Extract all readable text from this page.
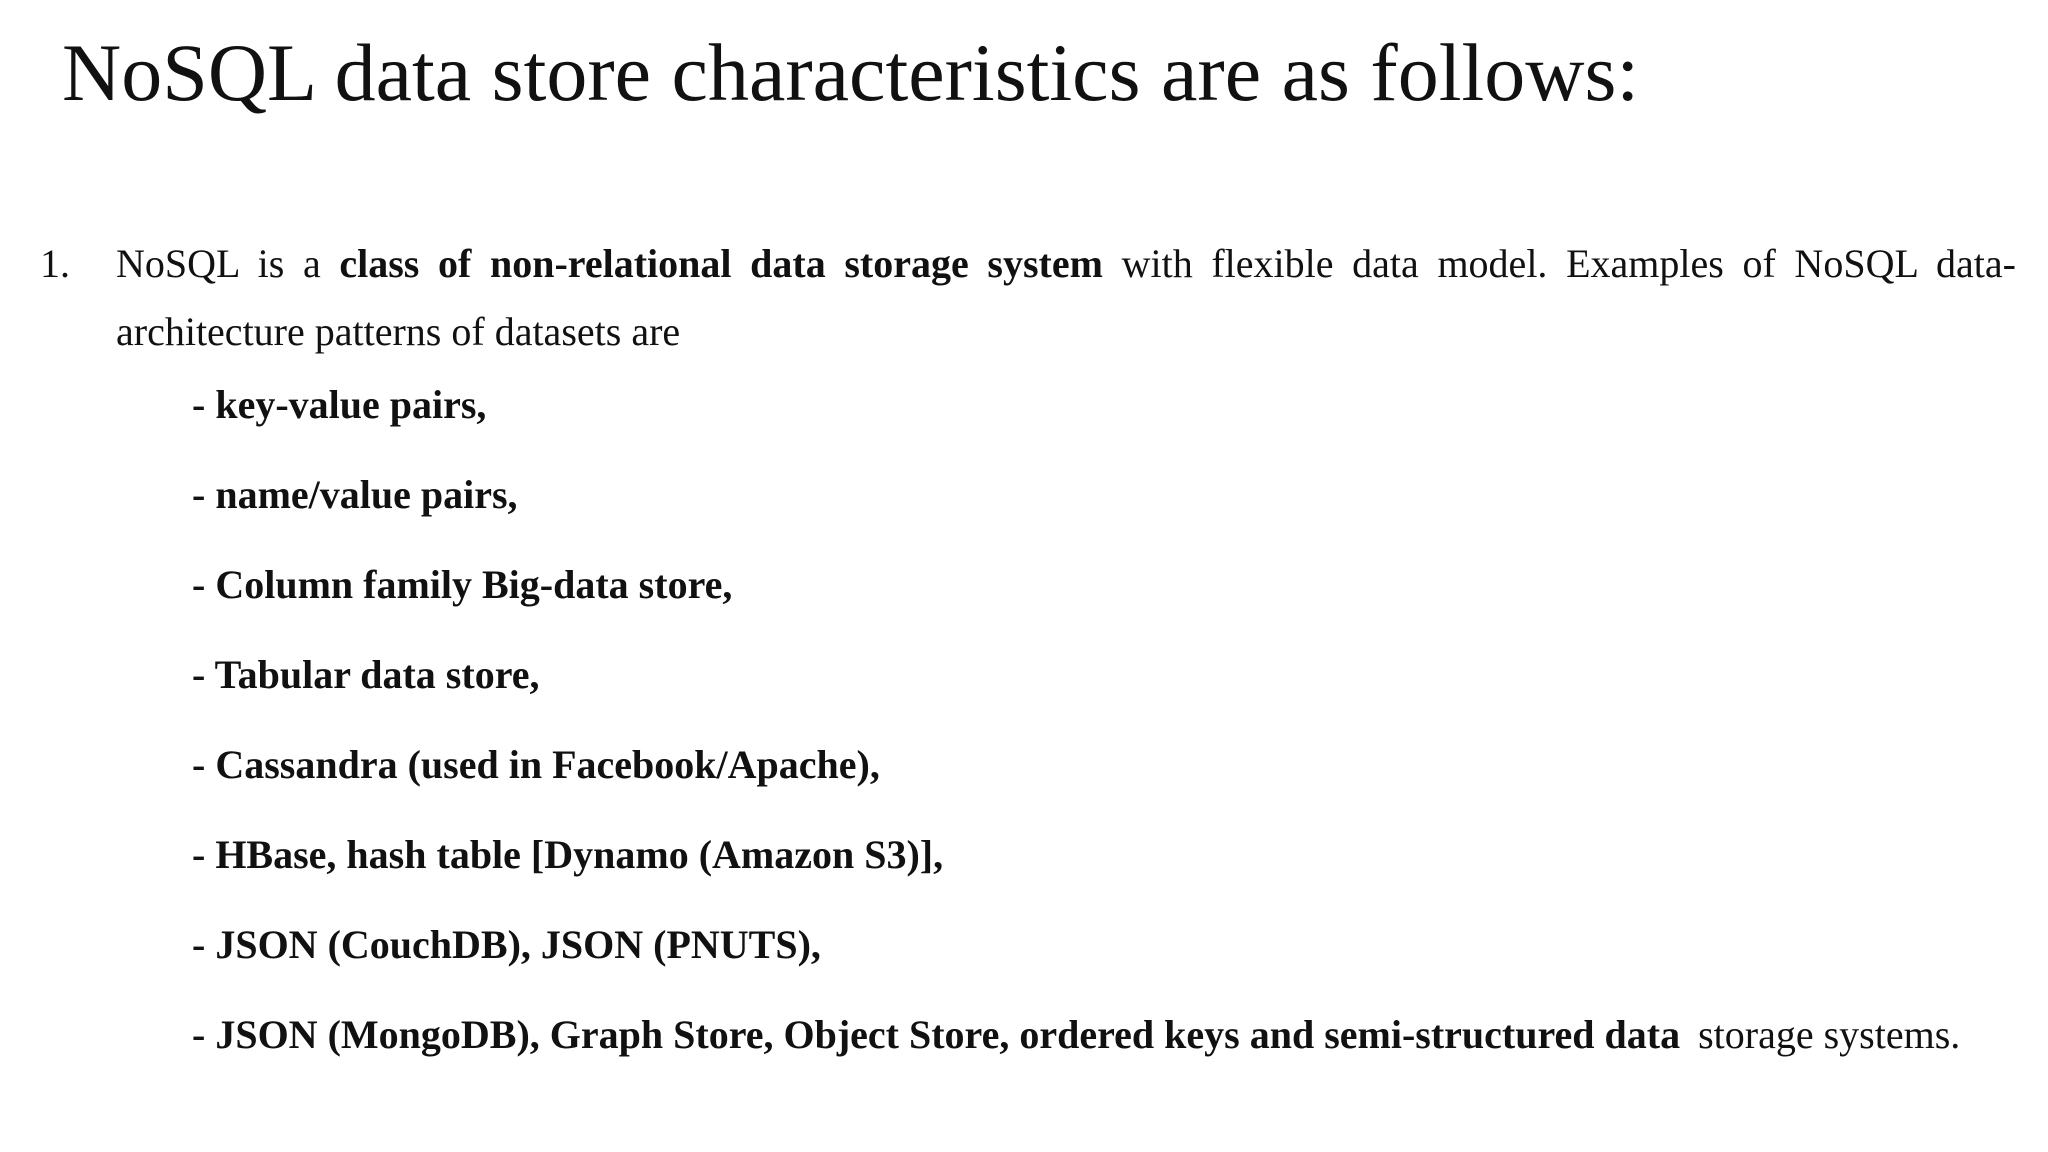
NoSQL data store characteristics are as follows:
1. NoSQL is a class of non-relational data storage system with flexible data model. Examples of NoSQL data-architecture patterns of datasets are

- key-value pairs,
- name/value pairs,
- Column family Big-data store,
- Tabular data store,
- Cassandra (used in Facebook/Apache),
- HBase, hash table [Dynamo (Amazon S3)],
- JSON (CouchDB), JSON (PNUTS),
- JSON (MongoDB), Graph Store, Object Store, ordered keys and semi-structured data storage systems.
